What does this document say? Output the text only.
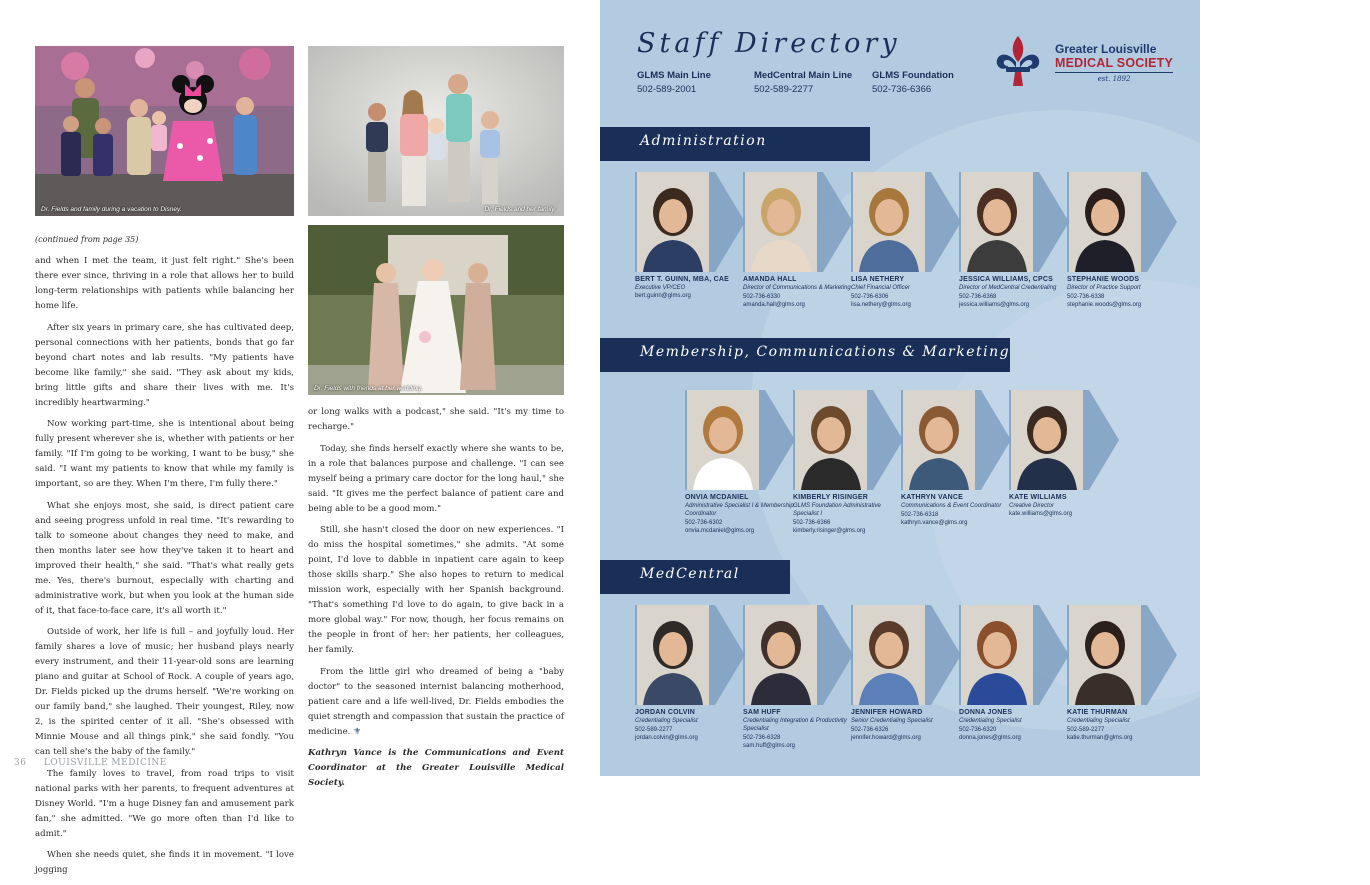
Dr. Fields and family during a vacation to Disney.	Dr. Fields and her family.
Dr. Fields with friends at her wedding.

(continued from page 35)

and when I met the team, it just felt right." She's been there ever since, thriving in a role that allows her to build long-term relationships with patients while balancing her home life.

After six years in primary care, she has cultivated deep, personal connections with her patients, bonds that go far beyond chart notes and lab results. "My patients have become like family," she said. "They ask about my kids, bring little gifts and share their lives with me. It's incredibly heartwarming."

Now working part-time, she is intentional about being fully present wherever she is, whether with patients or her family. "If I'm going to be working, I want to be busy," she said. "I want my patients to know that while my family is important, so are they. When I'm there, I'm fully there."

What she enjoys most, she said, is direct patient care and seeing progress unfold in real time. "It's rewarding to talk to someone about changes they need to make, and then months later see how they've taken it to heart and improved their health," she said. "That's what really gets me. Yes, there's burnout, especially with charting and administrative work, but when you look at the human side of it, that face-to-face care, it's all worth it."

Outside of work, her life is full – and joyfully loud. Her family shares a love of music; her husband plays nearly every instrument, and their 11-year-old sons are learning piano and guitar at School of Rock. A couple of years ago, Dr. Fields picked up the drums herself. "We're working on our family band," she laughed. Their youngest, Riley, now 2, is the spirited center of it all. "She's obsessed with Minnie Mouse and all things pink," she said fondly. "You can tell she's the baby of the family."

The family loves to travel, from road trips to visit national parks with her parents, to frequent adventures at Disney World. "I'm a huge Disney fan and amusement park fan," she admitted. "We go more often than I'd like to admit."

When she needs quiet, she finds it in movement. "I love jogging

or long walks with a podcast," she said. "It's my time to recharge."

Today, she finds herself exactly where she wants to be, in a role that balances purpose and challenge. "I can see myself being a primary care doctor for the long haul," she said. "It gives me the perfect balance of patient care and being able to be a good mom."

Still, she hasn't closed the door on new experiences. "I do miss the hospital sometimes," she admits. "At some point, I'd love to dabble in inpatient care again to keep those skills sharp." She also hopes to return to medical mission work, especially with her Spanish background. "That's something I'd love to do again, to give back in a more global way." For now, though, her focus remains on the people in front of her: her patients, her colleagues, her family.

From the little girl who dreamed of being a "baby doctor" to the seasoned internist balancing motherhood, patient care and a life well-lived, Dr. Fields embodies the quiet strength and compassion that sustain the practice of medicine. ⚜

Kathryn Vance is the Communications and Event Coordinator at the Greater Louisville Medical Society.

36 LOUISVILLE MEDICINE
Staff Directory
GLMS Main Line
502-589-2001
MedCentral Main Line
502-589-2277
GLMS Foundation
502-736-6366
Greater Louisville
MEDICAL SOCIETY
est. 1892
Administration
BERT T. GUINN, MBA, CAE
Executive VP/CEO
bert.guinn@glms.org
AMANDA HALL
Director of Communications & Marketing
502-736-6330
amanda.hall@glms.org
LISA NETHERY
Chief Financial Officer
502-736-6306
lisa.nethery@glms.org
JESSICA WILLIAMS, CPCS
Director of MedCentral Credentialing
502-736-6368
jessica.williams@glms.org
STEPHANIE WOODS
Director of Practice Support
502-736-6338
stephanie.woods@glms.org
Membership, Communications & Marketing
ONVIA MCDANIEL
Administrative Specialist I & Membership Coordinator
502-736-6302
onvia.mcdaniel@glms.org
KIMBERLY RISINGER
GLMS Foundation Administrative Specialist I
502-736-6366
kimberly.risinger@glms.org
KATHRYN VANCE
Communications & Event Coordinator
502-736-6318
kathryn.vance@glms.org
KATE WILLIAMS
Creative Director
kate.williams@glms.org
MedCentral
JORDAN COLVIN
Credentialing Specialist
502-589-2277
jordan.colvin@glms.org
SAM HUFF
Credentialing Integration & Productivity Specialist
502-736-6328
sam.huff@glms.org
JENNIFER HOWARD
Senior Credentialing Specialist
502-736-6326
jennifer.howard@glms.org
DONNA JONES
Credentialing Specialist
502-736-6320
donna.jones@glms.org
KATIE THURMAN
Credentialing Specialist
502-589-2277
katie.thurman@glms.org
